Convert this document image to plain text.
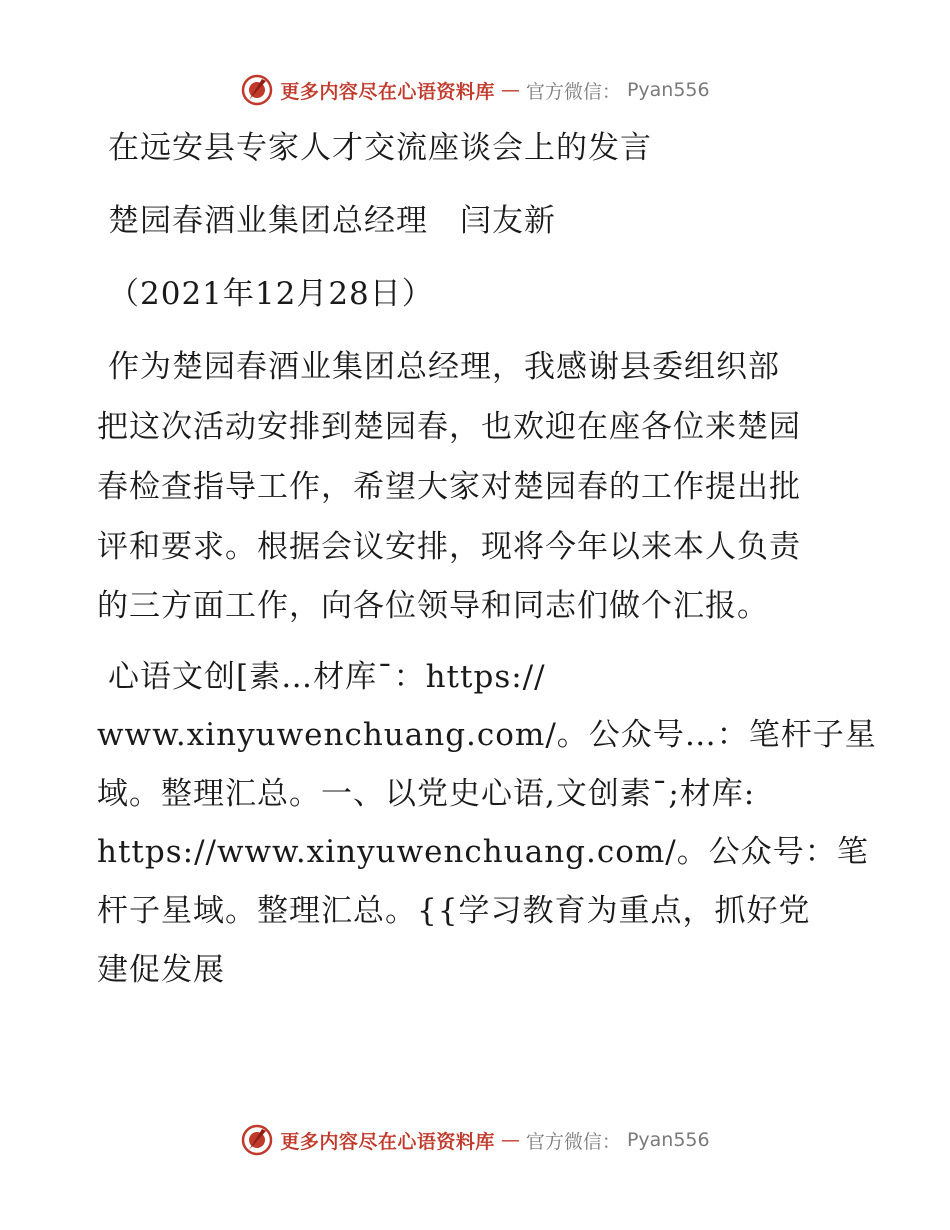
更多内容尽在心语资料库 — 官方微信： Pyan556
在远安县专家人才交流座谈会上的发言
楚园春酒业集团总经理　闫友新
（2021年12月28日）
作为楚园春酒业集团总经理，我感谢县委组织部
把这次活动安排到楚园春，也欢迎在座各位来楚园
春检查指导工作，希望大家对楚园春的工作提出批
评和要求。根据会议安排，现将今年以来本人负责
的三方面工作，向各位领导和同志们做个汇报。
心语文创[素…材库¯：https://
www.xinyuwenchuang.com/。公众号…：笔杆子星
域。整理汇总。一、以党史心语,文创素¯;材库:
https://www.xinyuwenchuang.com/。公众号：笔
杆子星域。整理汇总。{{学习教育为重点，抓好党
建促发展
更多内容尽在心语资料库 — 官方微信： Pyan556
